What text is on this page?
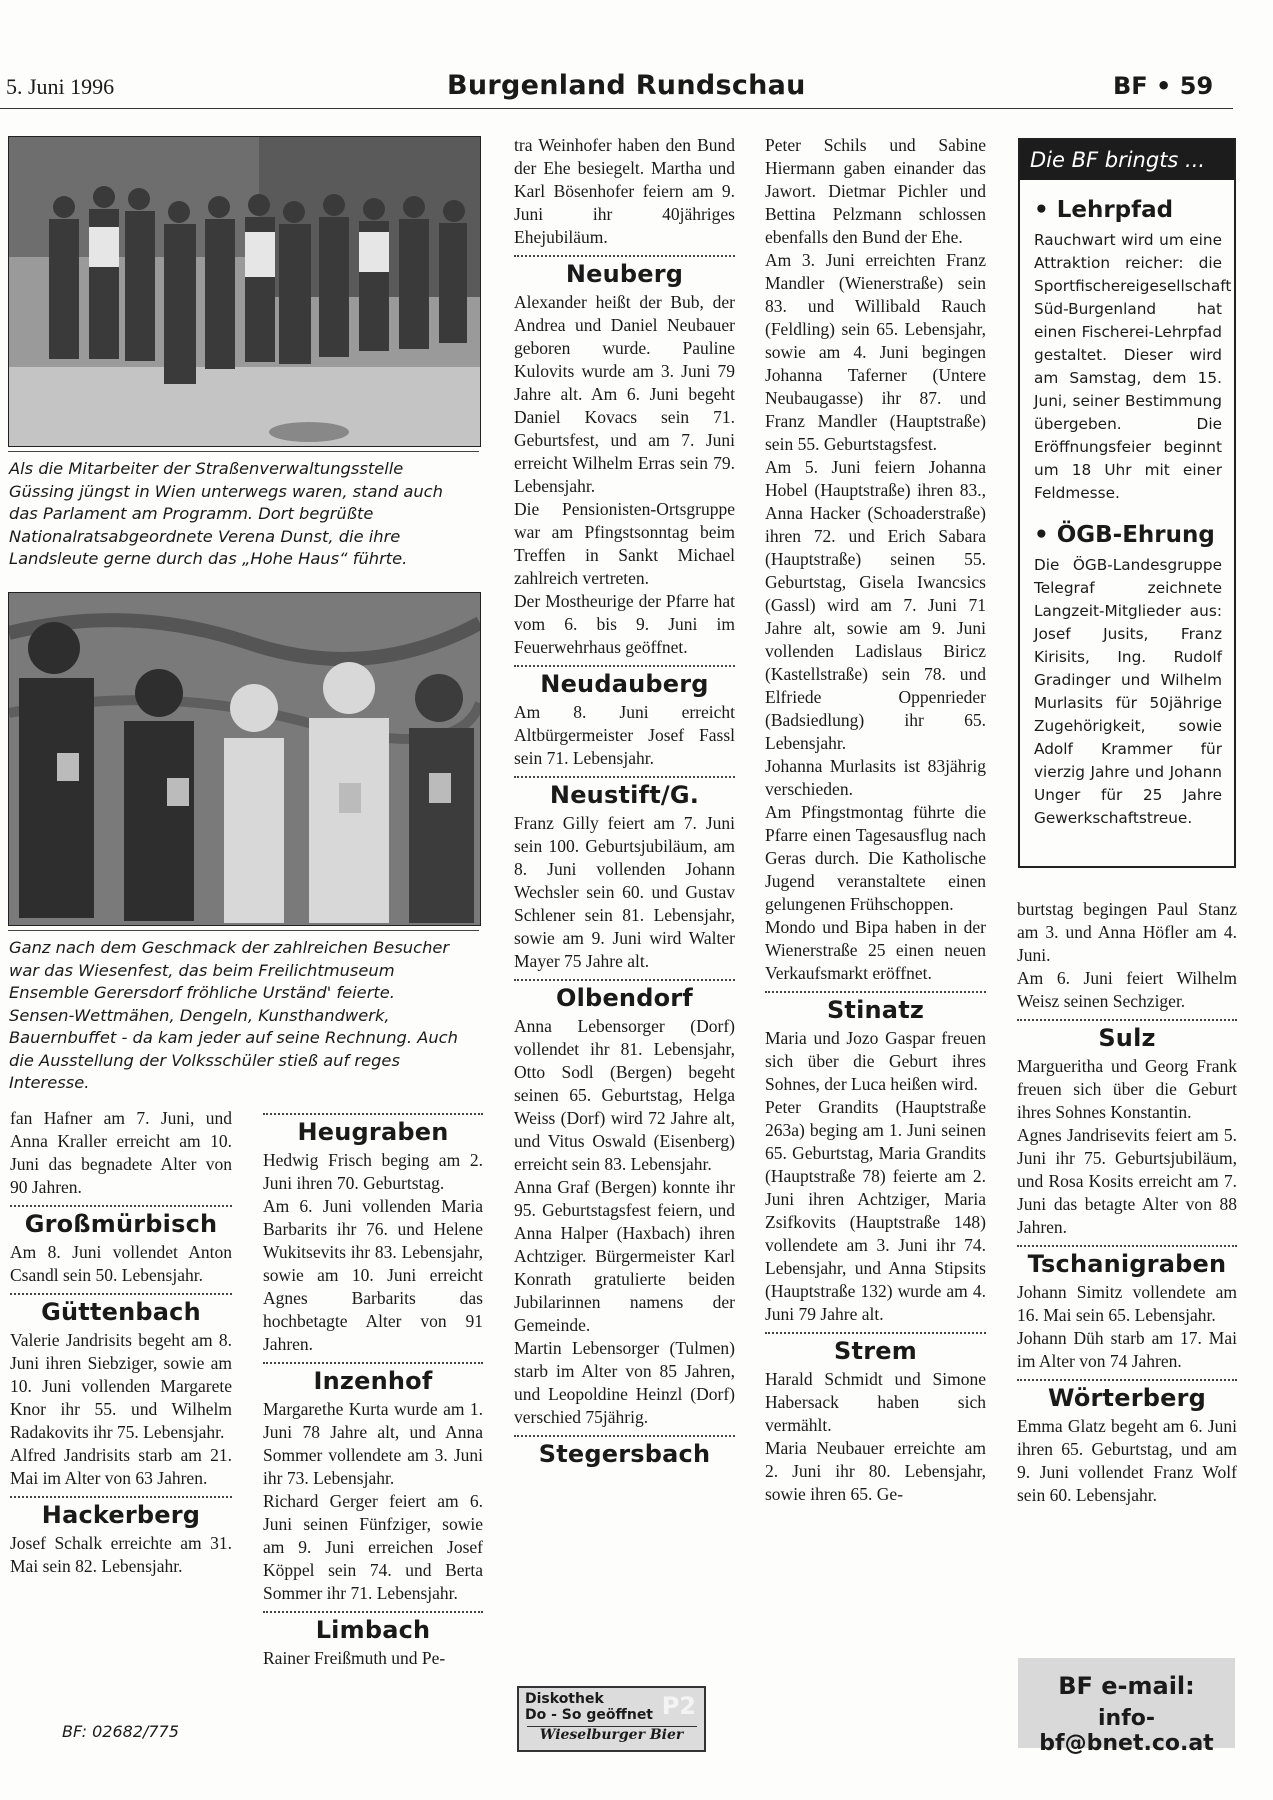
5. Juni 1996	Burgenland Rundschau	BF • 59
Als die Mitarbeiter der Straßenverwaltungsstelle Güssing jüngst in Wien unterwegs waren, stand auch das Parlament am Programm. Dort begrüßte Nationalratsabgeordnete Verena Dunst, die ihre Landsleute gerne durch das „Hohe Haus“ führte.
Ganz nach dem Geschmack der zahlreichen Besucher war das Wiesenfest, das beim Freilichtmuseum Ensemble Gerersdorf fröhliche Urständ' feierte. Sensen-Wettmähen, Dengeln, Kunsthandwerk, Bauernbuffet - da kam jeder auf seine Rechnung. Auch die Ausstellung der Volksschüler stieß auf reges Interesse.

fan Hafner am 7. Juni, und Anna Kraller erreicht am 10. Juni das begnadete Alter von 90 Jahren.

Großmürbisch

Am 8. Juni vollendet Anton Csandl sein 50. Lebensjahr.

Güttenbach

Valerie Jandrisits begeht am 8. Juni ihren Siebziger, sowie am 10. Juni vollenden Margarete Knor ihr 55. und Wilhelm Radakovits ihr 75. Lebensjahr.

Alfred Jandrisits starb am 21. Mai im Alter von 63 Jahren.

Hackerberg

Josef Schalk erreichte am 31. Mai sein 82. Lebensjahr.

BF: 02682/775
Heugraben

Hedwig Frisch beging am 2. Juni ihren 70. Geburtstag.

Am 6. Juni vollenden Maria Barbarits ihr 76. und Helene Wukitsevits ihr 83. Lebensjahr, sowie am 10. Juni erreicht Agnes Barbarits das hochbetagte Alter von 91 Jahren.

Inzenhof

Margarethe Kurta wurde am 1. Juni 78 Jahre alt, und Anna Sommer vollendete am 3. Juni ihr 73. Lebensjahr.

Richard Gerger feiert am 6. Juni seinen Fünfziger, sowie am 9. Juni erreichen Josef Köppel sein 74. und Berta Sommer ihr 71. Lebensjahr.

Limbach

Rainer Freißmuth und Pe-

tra Weinhofer haben den Bund der Ehe besiegelt. Martha und Karl Bösenhofer feiern am 9. Juni ihr 40jähriges Ehejubiläum.

Neuberg

Alexander heißt der Bub, der Andrea und Daniel Neubauer geboren wurde. Pauline Kulovits wurde am 3. Juni 79 Jahre alt. Am 6. Juni begeht Daniel Kovacs sein 71. Geburtsfest, und am 7. Juni erreicht Wilhelm Erras sein 79. Lebensjahr.

Die Pensionisten-Ortsgruppe war am Pfingstsonntag beim Treffen in Sankt Michael zahlreich vertreten.

Der Mostheurige der Pfarre hat vom 6. bis 9. Juni im Feuerwehrhaus geöffnet.

Neudauberg

Am 8. Juni erreicht Altbürgermeister Josef Fassl sein 71. Lebensjahr.

Neustift/G.

Franz Gilly feiert am 7. Juni sein 100. Geburtsjubiläum, am 8. Juni vollenden Johann Wechsler sein 60. und Gustav Schlener sein 81. Lebensjahr, sowie am 9. Juni wird Walter Mayer 75 Jahre alt.

Olbendorf

Anna Lebensorger (Dorf) vollendet ihr 81. Lebensjahr, Otto Sodl (Bergen) begeht seinen 65. Geburtstag, Helga Weiss (Dorf) wird 72 Jahre alt, und Vitus Oswald (Eisenberg) erreicht sein 83. Lebensjahr.

Anna Graf (Bergen) konnte ihr 95. Geburtstagsfest feiern, und Anna Halper (Haxbach) ihren Achtziger. Bürgermeister Karl Konrath gratulierte beiden Jubilarinnen namens der Gemeinde.

Martin Lebensorger (Tulmen) starb im Alter von 85 Jahren, und Leopoldine Heinzl (Dorf) verschied 75jährig.

Stegersbach
Diskothek
Do - So geöffnet P2
Wieselburger Bier

Peter Schils und Sabine Hiermann gaben einander das Jawort. Dietmar Pichler und Bettina Pelzmann schlossen ebenfalls den Bund der Ehe.

Am 3. Juni erreichten Franz Mandler (Wienerstraße) sein 83. und Willibald Rauch (Feldling) sein 65. Lebensjahr, sowie am 4. Juni begingen Johanna Taferner (Untere Neubaugasse) ihr 87. und Franz Mandler (Hauptstraße) sein 55. Geburtstagsfest.

Am 5. Juni feiern Johanna Hobel (Hauptstraße) ihren 83., Anna Hacker (Schoaderstraße) ihren 72. und Erich Sabara (Hauptstraße) seinen 55. Geburtstag, Gisela Iwancsics (Gassl) wird am 7. Juni 71 Jahre alt, sowie am 9. Juni vollenden Ladislaus Biricz (Kastellstraße) sein 78. und Elfriede Oppenrieder (Badsiedlung) ihr 65. Lebensjahr.

Johanna Murlasits ist 83jährig verschieden.

Am Pfingstmontag führte die Pfarre einen Tagesausflug nach Geras durch. Die Katholische Jugend veranstaltete einen gelungenen Frühschoppen.

Mondo und Bipa haben in der Wienerstraße 25 einen neuen Verkaufsmarkt eröffnet.

Stinatz

Maria und Jozo Gaspar freuen sich über die Geburt ihres Sohnes, der Luca heißen wird.

Peter Grandits (Hauptstraße 263a) beging am 1. Juni seinen 65. Geburtstag, Maria Grandits (Hauptstraße 78) feierte am 2. Juni ihren Achtziger, Maria Zsifkovits (Hauptstraße 148) vollendete am 3. Juni ihr 74. Lebensjahr, und Anna Stipsits (Hauptstraße 132) wurde am 4. Juni 79 Jahre alt.

Strem

Harald Schmidt und Simone Habersack haben sich vermählt.

Maria Neubauer erreichte am 2. Juni ihr 80. Lebensjahr, sowie ihren 65. Ge-

Die BF bringts ...
• Lehrpfad
Rauchwart wird um eine Attraktion reicher: die Sportfischereigesellschaft Süd-Burgenland hat einen Fischerei-Lehrpfad gestaltet. Dieser wird am Samstag, dem 15. Juni, seiner Bestimmung übergeben. Die Eröffnungsfeier beginnt um 18 Uhr mit einer Feldmesse.
• ÖGB-Ehrung
Die ÖGB-Landesgruppe Telegraf zeichnete Langzeit-Mitglieder aus: Josef Jusits, Franz Kirisits, Ing. Rudolf Gradinger und Wilhelm Murlasits für 50jährige Zugehörigkeit, sowie Adolf Krammer für vierzig Jahre und Johann Unger für 25 Jahre Gewerkschaftstreue.

burtstag begingen Paul Stanz am 3. und Anna Höfler am 4. Juni.

Am 6. Juni feiert Wilhelm Weisz seinen Sechziger.

Sulz

Margueritha und Georg Frank freuen sich über die Geburt ihres Sohnes Konstantin.

Agnes Jandrisevits feiert am 5. Juni ihr 75. Geburtsjubiläum, und Rosa Kosits erreicht am 7. Juni das betagte Alter von 88 Jahren.

Tschanigraben

Johann Simitz vollendete am 16. Mai sein 65. Lebensjahr.

Johann Düh starb am 17. Mai im Alter von 74 Jahren.

Wörterberg

Emma Glatz begeht am 6. Juni ihren 65. Geburtstag, und am 9. Juni vollendet Franz Wolf sein 60. Lebensjahr.

BF e-mail:
info-bf@bnet.co.at
